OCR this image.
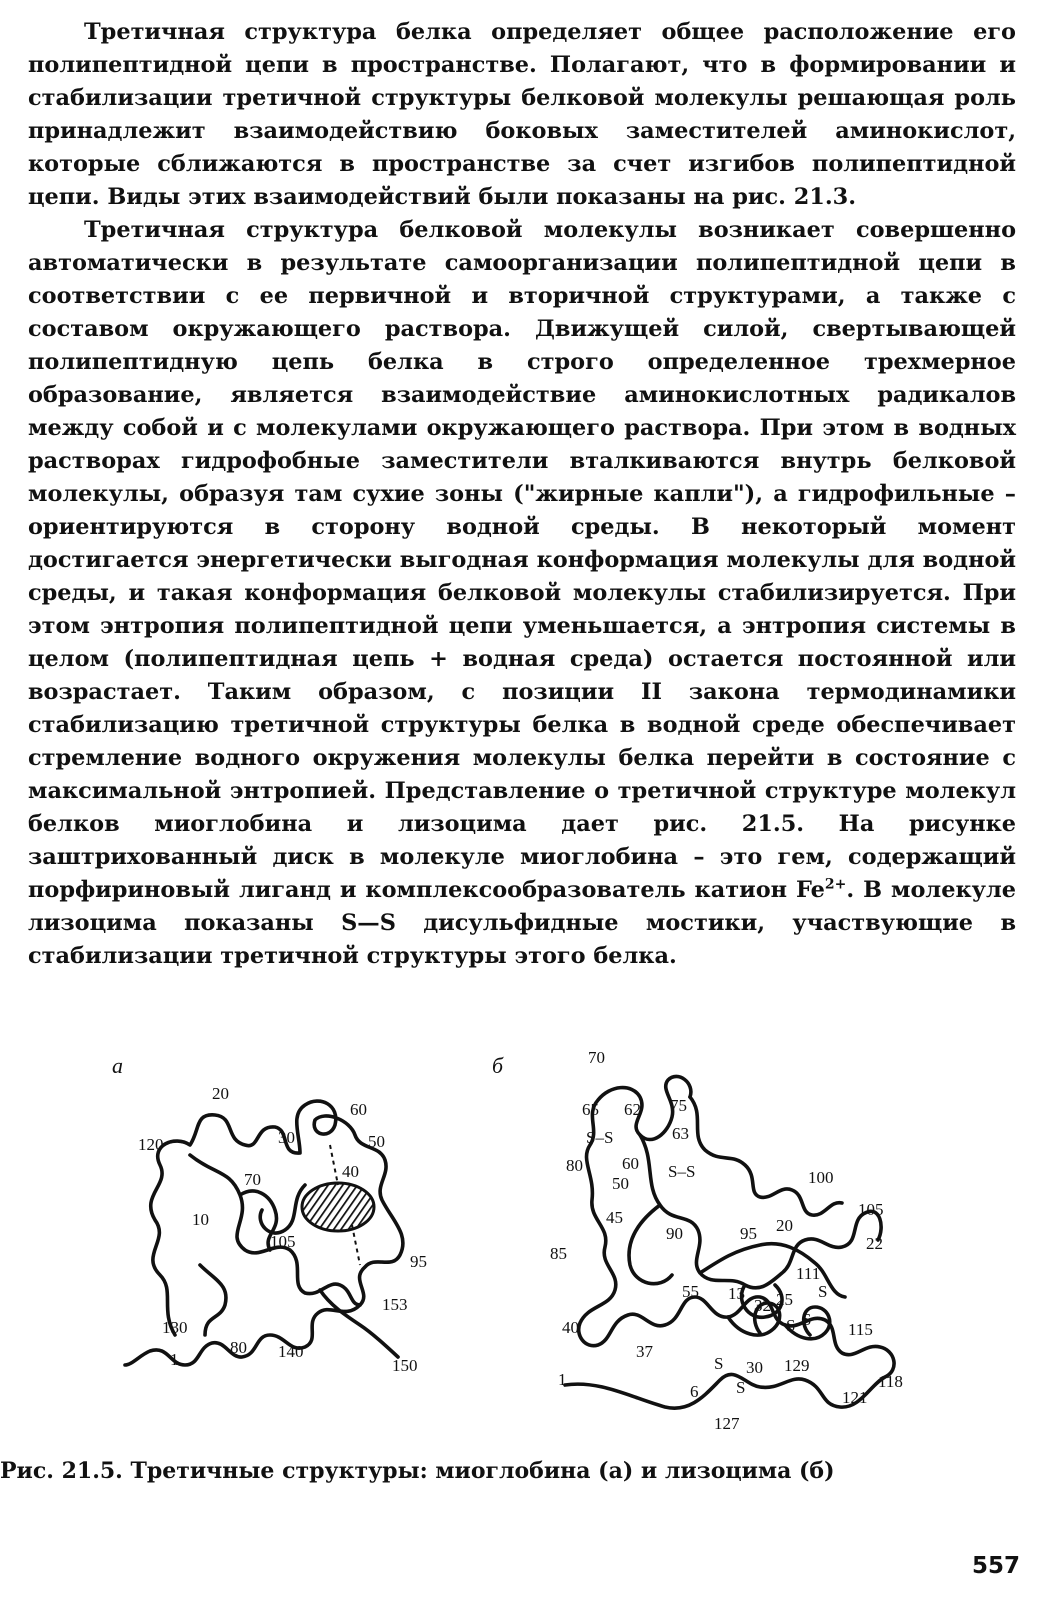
Третичная структура белка определяет общее расположение его полипептидной цепи в пространстве. Полагают, что в формировании и стабилизации третичной структуры белковой молекулы решающая роль принадлежит взаимодействию боковых заместителей аминокислот, которые сближаются в пространстве за счет изгибов полипептидной цепи. Виды этих взаимодействий были показаны на рис. 21.3.

Третичная структура белковой молекулы возникает совершенно автоматически в результате самоорганизации полипептидной цепи в соответствии с ее первичной и вторичной структурами, а также с составом окружающего раствора. Движущей силой, свертывающей полипептидную цепь белка в строго определенное трехмерное образование, является взаимодействие аминокислотных радикалов между собой и с молекулами окружающего раствора. При этом в водных растворах гидрофобные заместители вталкиваются внутрь белковой молекулы, образуя там сухие зоны ("жирные капли"), а гидрофильные – ориентируются в сторону водной среды. В некоторый момент достигается энергетически выгодная конформация молекулы для водной среды, и такая конформация белковой молекулы стабилизируется. При этом энтропия полипептидной цепи уменьшается, а энтропия системы в целом (полипептидная цепь + водная среда) остается постоянной или возрастает. Таким образом, с позиции II закона термодинамики стабилизацию третичной структуры белка в водной среде обеспечивает стремление водного окружения молекулы белка перейти в состояние с максимальной энтропией. Представление о третичной структуре молекул белков миоглобина и лизоцима дает рис. 21.5. На рисунке заштрихованный диск в молекуле миоглобина – это гем, содержащий порфириновый лиганд и комплексообразователь катион $Fe^{2+}$. В молекуле лизоцима показаны S—S дисульфидные мостики, участвующие в стабилизации третичной структуры этого белка.

а
20
60
30	50
120
40
70
10
105
95
153
130
80 140
1	150
б	70
65 62 75
63
S–S
80 60 S–S
50	100
45	105
90	95 20
22
85
111
55 13
32 25 S
40	115
S S
37
1
30 129
S
S	118
6	121
127
Рис. 21.5. Третичные структуры: миоглобина (а) и лизоцима (б)
557
